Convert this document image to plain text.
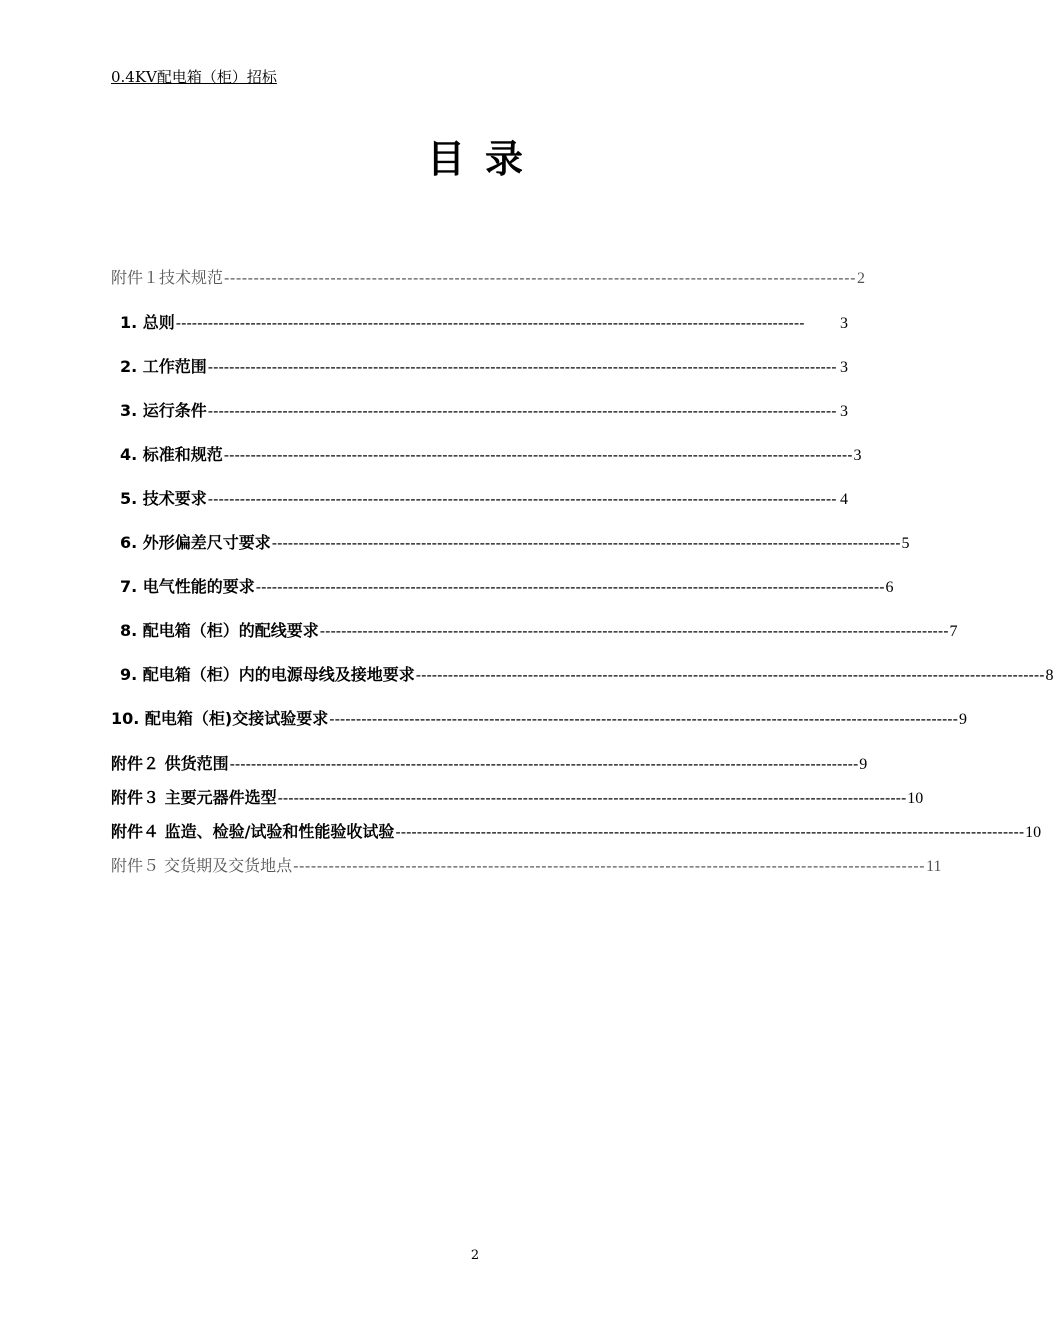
0.4KV配电箱（柜）招标
目录
附件１技术规范 ----------------------------------------------------------------------------------------------------------- 2
1. 总则 ----------------------------------------------------------------------------------------------------------------------	3
2. 工作范围 ---------------------------------------------------------------------------------------------------------------------- 3
3. 运行条件 ---------------------------------------------------------------------------------------------------------------------- 3
4. 标准和规范 ---------------------------------------------------------------------------------------------------------------------- 3
5. 技术要求 ---------------------------------------------------------------------------------------------------------------------- 4
6. 外形偏差尺寸要求 ---------------------------------------------------------------------------------------------------------------------- 5
7. 电气性能的要求 ---------------------------------------------------------------------------------------------------------------------- 6
8. 配电箱（柜）的配线要求 ---------------------------------------------------------------------------------------------------------------------- 7
9. 配电箱（柜）内的电源母线及接地要求 ---------------------------------------------------------------------------------------------------------------------- 8
10. 配电箱（柜)交接试验要求 ---------------------------------------------------------------------------------------------------------------------- 9
附件２ 供货范围 ---------------------------------------------------------------------------------------------------------------------- 9
附件３ 主要元器件选型 ---------------------------------------------------------------------------------------------------------------------- 10
附件４ 监造、检验/试验和性能验收试验 ---------------------------------------------------------------------------------------------------------------------- 10
附件５ 交货期及交货地点 ----------------------------------------------------------------------------------------------------------- 11
2
